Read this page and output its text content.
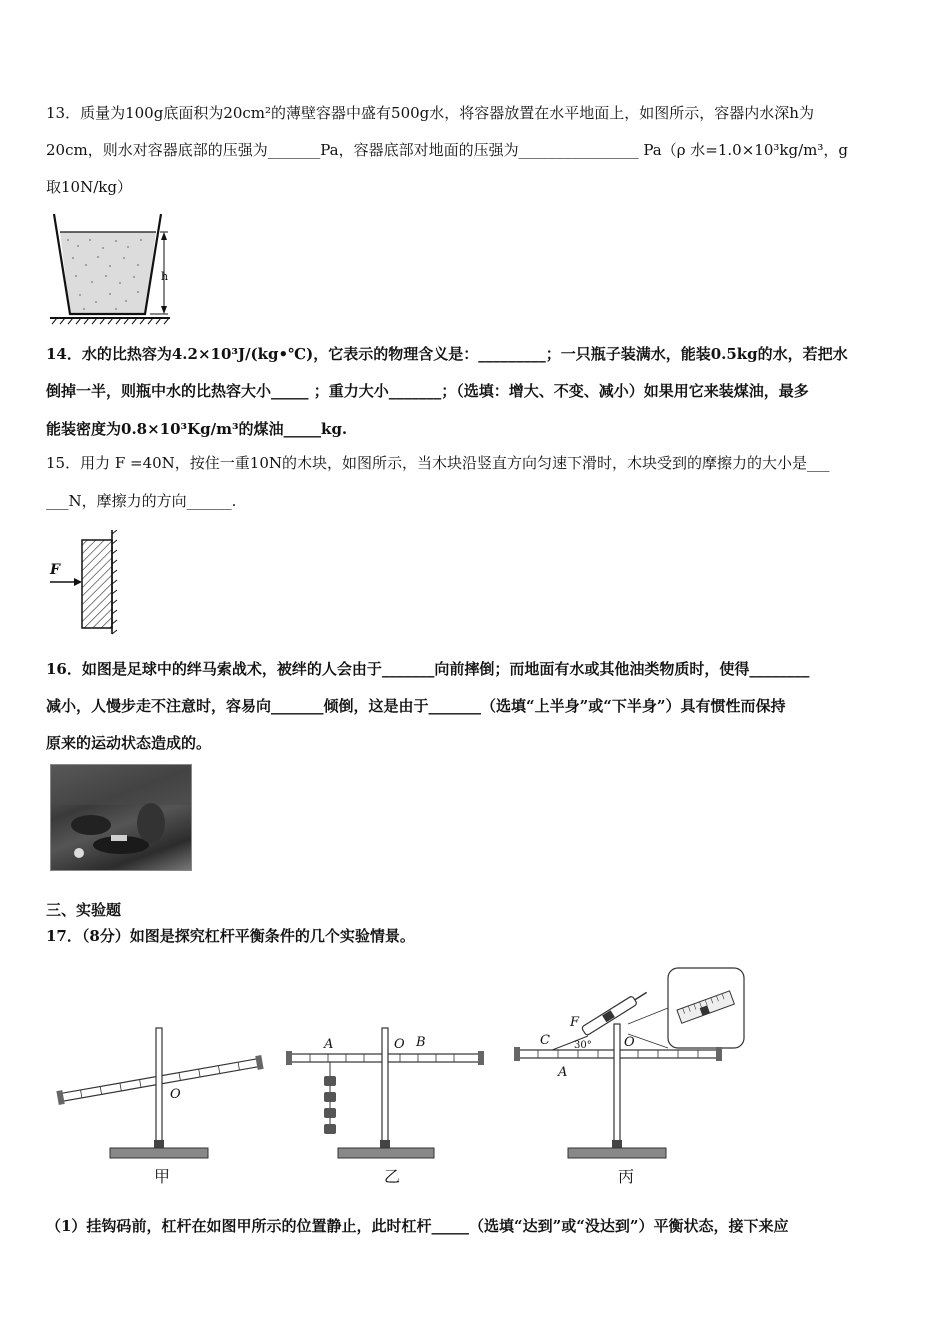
13．质量为100g底面积为20cm²的薄壁容器中盛有500g水，将容器放置在水平地面上，如图所示，容器内水深h为
20cm，则水对容器底部的压强为_______Pa，容器底部对地面的压强为________________ Pa（ρ 水=1.0×10³kg/m³，g
取10N/kg）
h
14．水的比热容为4.2×10³J/(kg•℃)，它表示的物理含义是：_________；一只瓶子装满水，能装0.5kg的水，若把水
倒掉一半，则瓶中水的比热容大小_____ ；重力大小_______；（选填：增大、不变、减小）如果用它来装煤油，最多
能装密度为0.8×10³Kg/m³的煤油_____kg.
15．用力 F =40N，按住一重10N的木块，如图所示，当木块沿竖直方向匀速下滑时，木块受到的摩擦力的大小是___
___N，摩擦力的方向______.
F
16．如图是足球中的绊马索战术，被绊的人会由于_______向前摔倒；而地面有水或其他油类物质时，使得________
减小，人慢步走不注意时，容易向_______倾倒，这是由于_______（选填“上半身”或“下半身”）具有惯性而保持
原来的运动状态造成的。
三、实验题
17．（8分）如图是探究杠杆平衡条件的几个实验情景。
O
甲
A	O B
乙
C
F
30° O
A
丙
（1）挂钩码前，杠杆在如图甲所示的位置静止，此时杠杆_____（选填“达到”或“没达到”）平衡状态，接下来应
